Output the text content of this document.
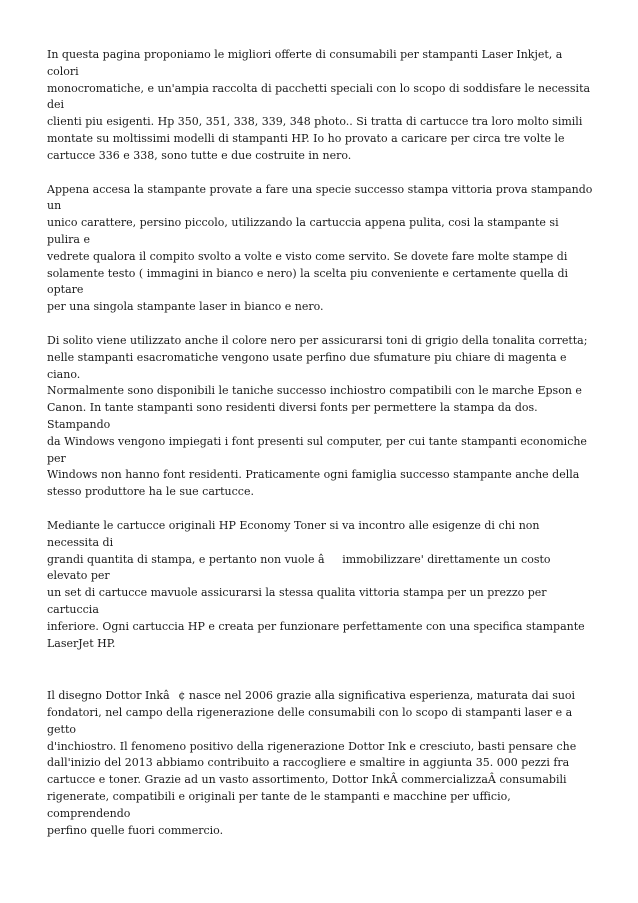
In questa pagina proponiamo le migliori offerte di consumabili per stampanti Laser Inkjet, a colori
monocromatiche, e un'ampia raccolta di pacchetti speciali con lo scopo di soddisfare le necessita dei
clienti piu esigenti. Hp 350, 351, 338, 339, 348 photo.. Si tratta di cartucce tra loro molto simili
montate su moltissimi modelli di stampanti HP. Io ho provato a caricare per circa tre volte le
cartucce 336 e 338, sono tutte e due costruite in nero.

Appena accesa la stampante provate a fare una specie successo stampa vittoria prova stampando un
unico carattere, persino piccolo, utilizzando la cartuccia appena pulita, cosi la stampante si pulira e
vedrete qualora il compito svolto a volte e visto come servito. Se dovete fare molte stampe di
solamente testo ( immagini in bianco e nero) la scelta piu conveniente e certamente quella di optare
per una singola stampante laser in bianco e nero.

Di solito viene utilizzato anche il colore nero per assicurarsi toni di grigio della tonalita corretta;
nelle stampanti esacromatiche vengono usate perfino due sfumature piu chiare di magenta e ciano.
Normalmente sono disponibili le taniche successo inchiostro compatibili con le marche Epson e
Canon. In tante stampanti sono residenti diversi fonts per permettere la stampa da dos. Stampando
da Windows vengono impiegati i font presenti sul computer, per cui tante stampanti economiche per
Windows non hanno font residenti. Praticamente ogni famiglia successo stampante anche della
stesso produttore ha le sue cartucce.

Mediante le cartucce originali HP Economy Toner si va incontro alle esigenze di chi non necessita di
grandi quantita di stampa, e pertanto non vuole âimmobilizzare' direttamente un costo elevato per
un set di cartucce mavuole assicurarsi la stessa qualita vittoria stampa per un prezzo per cartuccia
inferiore. Ogni cartuccia HP e creata per funzionare perfettamente con una specifica stampante
LaserJet HP.

Il disegno Dottor Inkâ¢ nasce nel 2006 grazie alla significativa esperienza, maturata dai suoi
fondatori, nel campo della rigenerazione delle consumabili con lo scopo di stampanti laser e a getto
d'inchiostro. Il fenomeno positivo della rigenerazione Dottor Ink e cresciuto, basti pensare che
dall'inizio del 2013 abbiamo contribuito a raccogliere e smaltire in aggiunta 35. 000 pezzi fra
cartucce e toner. Grazie ad un vasto assortimento, Dottor InkÂ commercializzaÂ consumabili
rigenerate, compatibili e originali per tante de le stampanti e macchine per ufficio, comprendendo
perfino quelle fuori commercio.
